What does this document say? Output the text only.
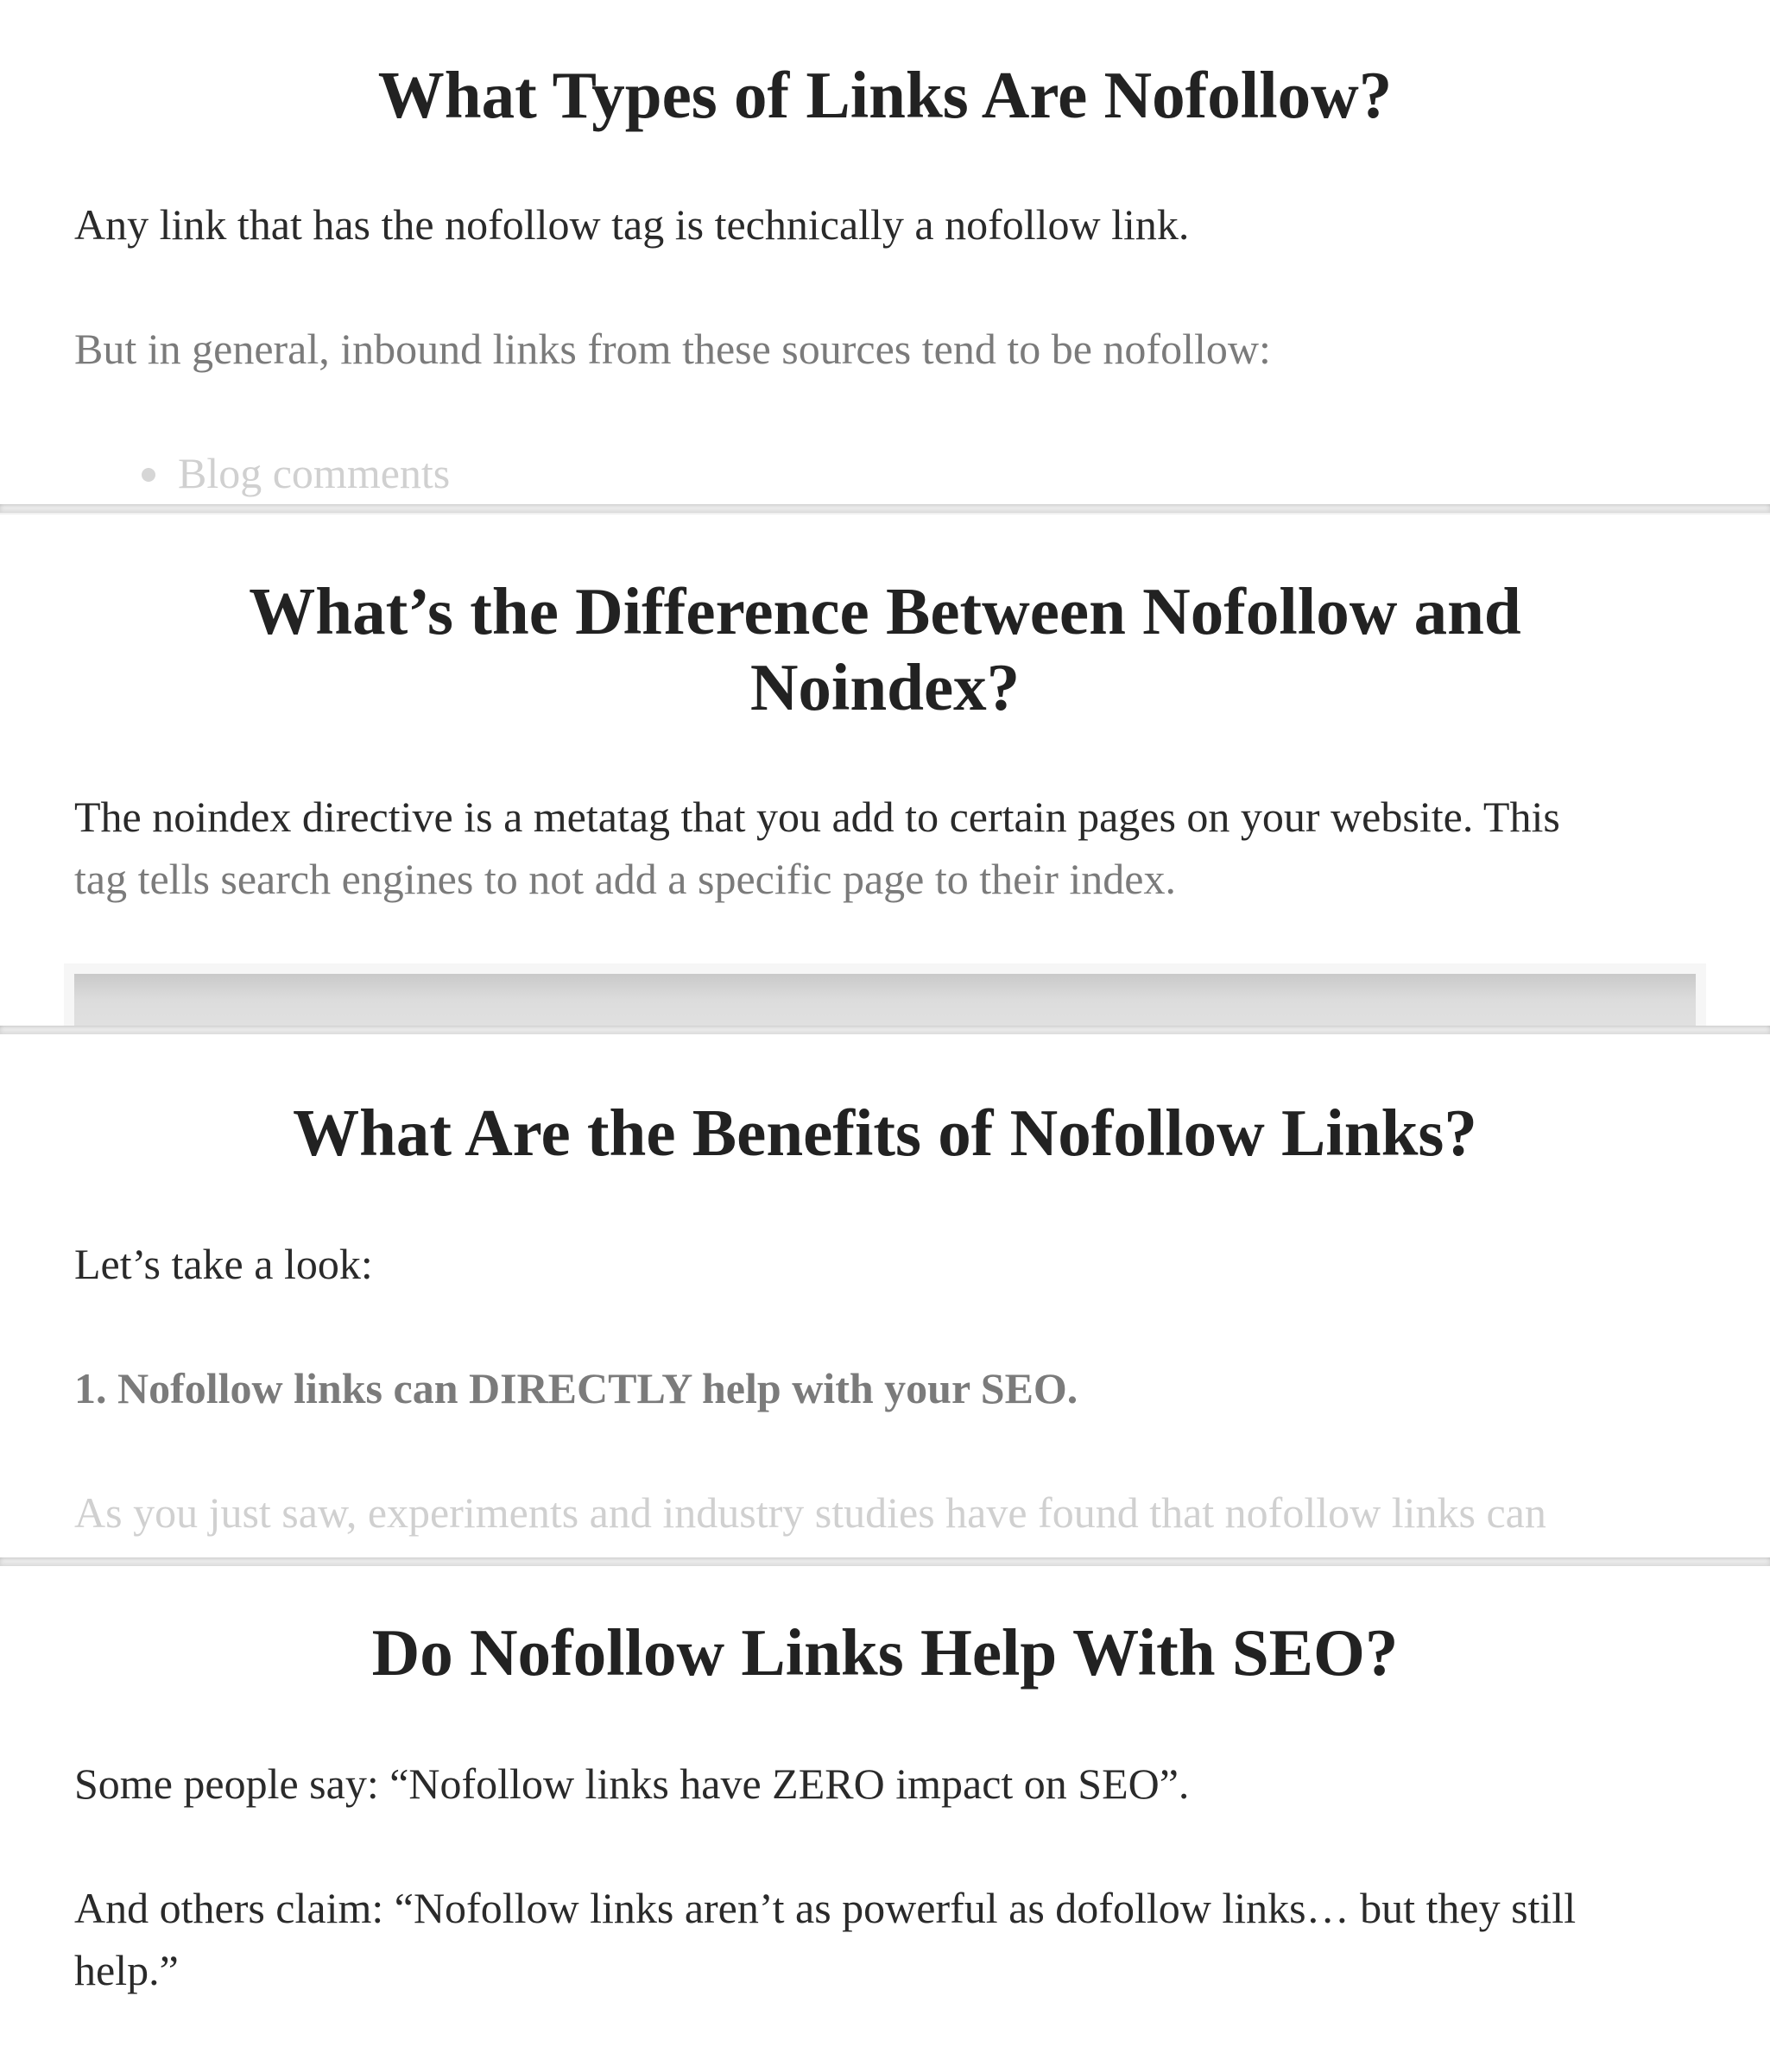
What Types of Links Are Nofollow?

Any link that has the nofollow tag is technically a nofollow link.

But in general, inbound links from these sources tend to be nofollow:

Blog comments
What’s the Difference Between Nofollow and
Noindex?

The noindex directive is a metatag that you add to certain pages on your website. This
tag tells search engines to not add a specific page to their index.

What Are the Benefits of Nofollow Links?

Let’s take a look:

1. Nofollow links can DIRECTLY help with your SEO.

As you just saw, experiments and industry studies have found that nofollow links can

Do Nofollow Links Help With SEO?

Some people say: “Nofollow links have ZERO impact on SEO”.

And others claim: “Nofollow links aren’t as powerful as dofollow links… but they still help.”
